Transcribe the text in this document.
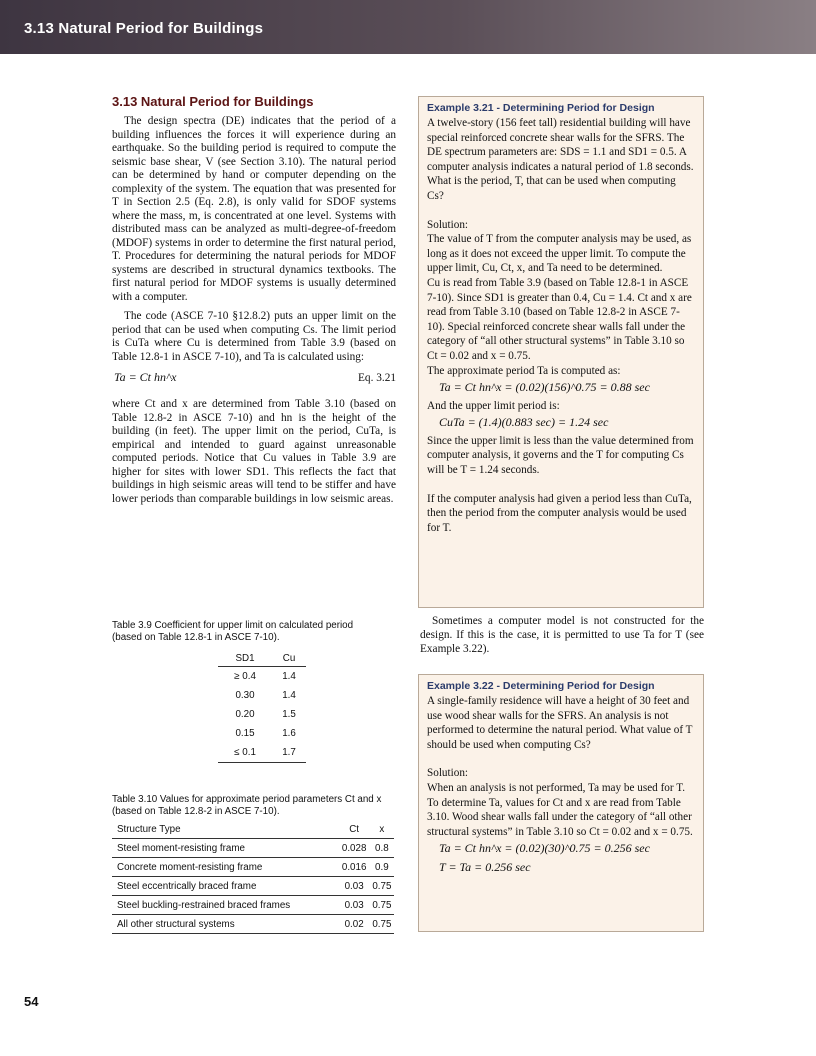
3.13 Natural Period for Buildings
3.13 Natural Period for Buildings

The design spectra (DE) indicates that the period of a building influences the forces it will experience during an earthquake. So the building period is required to compute the seismic base shear, V (see Section 3.10). The natural period can be determined by hand or computer depending on the complexity of the system. The equation that was presented for T in Section 2.5 (Eq. 2.8), is only valid for SDOF systems where the mass, m, is concentrated at one level. Systems with distributed mass can be analyzed as multi-degree-of-freedom (MDOF) systems in order to determine the first natural period, T. Procedures for determining the natural periods for MDOF systems are described in structural dynamics textbooks. The first natural period for MDOF systems is usually determined with a computer.

The code (ASCE 7-10 §12.8.2) puts an upper limit on the period that can be used when computing Cs. The limit period is CuTa where Cu is determined from Table 3.9 (based on Table 12.8-1 in ASCE 7-10), and Ta is calculated using:

Ta = Ct hn^x	Eq. 3.21

where Ct and x are determined from Table 3.10 (based on Table 12.8-2 in ASCE 7-10) and hn is the height of the building (in feet). The upper limit on the period, CuTa, is empirical and intended to guard against unreasonable computed periods. Notice that Cu values in Table 3.9 are higher for sites with lower SD1. This reflects the fact that buildings in high seismic areas will tend to be stiffer and have lower periods than comparable buildings in low seismic areas.

Table 3.9 Coefficient for upper limit on calculated period (based on Table 12.8-1 in ASCE 7-10).
SD1	Cu
≥ 0.4	1.4
0.30	1.4
0.20	1.5
0.15	1.6
≤ 0.1	1.7
Table 3.10 Values for approximate period parameters Ct and x (based on Table 12.8-2 in ASCE 7-10).
Structure Type	Ct	x
Steel moment-resisting frame	0.028	0.8
Concrete moment-resisting frame	0.016	0.9
Steel eccentrically braced frame	0.03	0.75
Steel buckling-restrained braced frames	0.03	0.75
All other structural systems	0.02	0.75
Example 3.21 - Determining Period for Design

A twelve-story (156 feet tall) residential building will have special reinforced concrete shear walls for the SFRS. The DE spectrum parameters are: SDS = 1.1 and SD1 = 0.5. A computer analysis indicates a natural period of 1.8 seconds.

What is the period, T, that can be used when computing Cs?

Solution:

The value of T from the computer analysis may be used, as long as it does not exceed the upper limit. To compute the upper limit, Cu, Ct, x, and Ta need to be determined.

Cu is read from Table 3.9 (based on Table 12.8-1 in ASCE 7-10). Since SD1 is greater than 0.4, Cu = 1.4. Ct and x are read from Table 3.10 (based on Table 12.8-2 in ASCE 7-10). Special reinforced concrete shear walls fall under the category of “all other structural systems” in Table 3.10 so Ct = 0.02 and x = 0.75.

The approximate period Ta is computed as:

Ta = Ct hn^x = (0.02)(156)^0.75 = 0.88 sec

And the upper limit period is:

CuTa = (1.4)(0.883 sec) = 1.24 sec

Since the upper limit is less than the value determined from computer analysis, it governs and the T for computing Cs will be T = 1.24 seconds.

If the computer analysis had given a period less than CuTa, then the period from the computer analysis would be used for T.

Sometimes a computer model is not constructed for the design. If this is the case, it is permitted to use Ta for T (see Example 3.22).

Example 3.22 - Determining Period for Design

A single-family residence will have a height of 30 feet and use wood shear walls for the SFRS. An analysis is not performed to determine the natural period. What value of T should be used when computing Cs?

Solution:

When an analysis is not performed, Ta may be used for T. To determine Ta, values for Ct and x are read from Table 3.10. Wood shear walls fall under the category of “all other structural systems” in Table 3.10 so Ct = 0.02 and x = 0.75.

Ta = Ct hn^x = (0.02)(30)^0.75 = 0.256 sec

T = Ta = 0.256 sec

54
